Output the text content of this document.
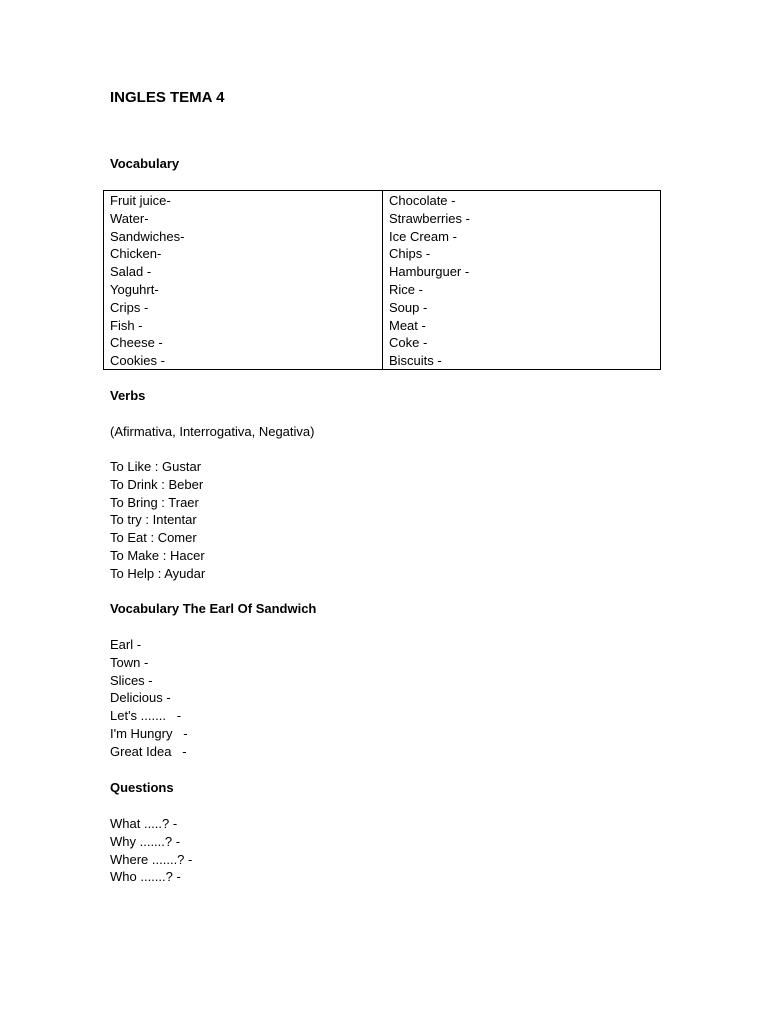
INGLES TEMA 4
Vocabulary
Fruit juice-
Water-
Sandwiches-
Chicken-
Salad -
Yoguhrt-
Crips -
Fish -
Cheese -
Cookies -
Chocolate -
Strawberries -
Ice Cream -
Chips -
Hamburguer -
Rice -
Soup -
Meat -
Coke -
Biscuits -
Verbs
(Afirmativa, Interrogativa, Negativa)
To Like : Gustar
To Drink : Beber
To Bring : Traer
To try : Intentar
To Eat : Comer
To Make : Hacer
To Help : Ayudar
Vocabulary The Earl Of Sandwich
Earl -
Town -
Slices -
Delicious -
Let's .......   -
I'm Hungry   -
Great Idea   -
Questions
What .....? -
Why .......? -
Where .......? -
Who .......? -
